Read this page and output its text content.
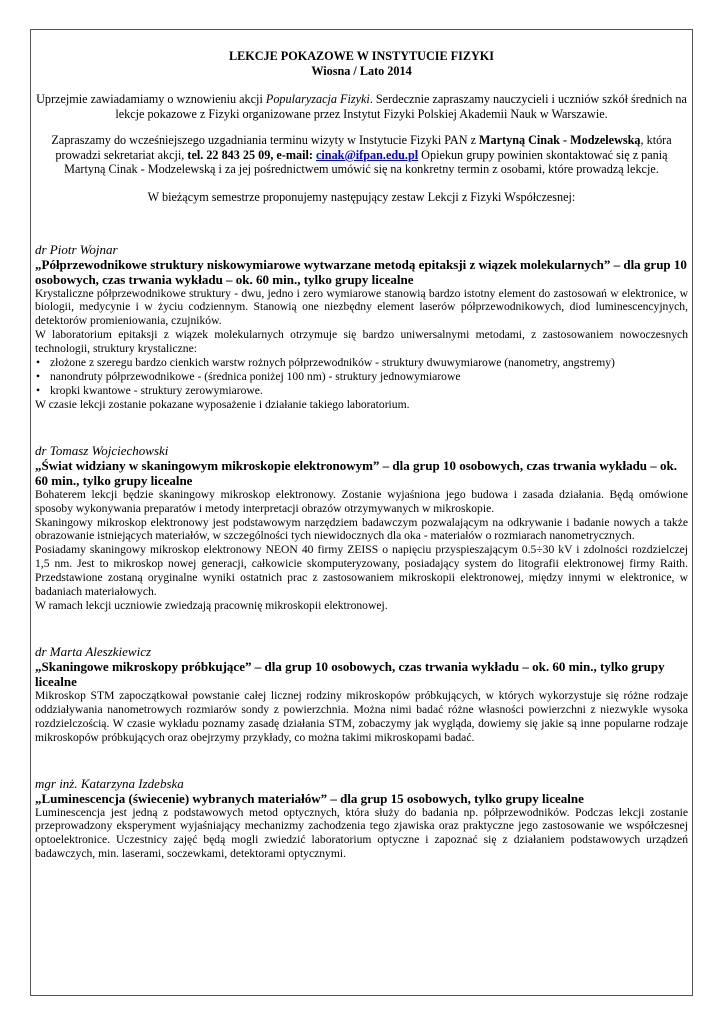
LEKCJE POKAZOWE W INSTYTUCIE FIZYKI
Wiosna / Lato 2014
Uprzejmie zawiadamiamy o wznowieniu akcji Popularyzacja Fizyki. Serdecznie zapraszamy nauczycieli i uczniów szkół średnich na lekcje pokazowe z Fizyki organizowane przez Instytut Fizyki Polskiej Akademii Nauk w Warszawie.
Zapraszamy do wcześniejszego uzgadniania terminu wizyty w Instytucie Fizyki PAN z Martyną Cinak - Modzelewską, która prowadzi sekretariat akcji, tel. 22 843 25 09, e-mail: cinak@ifpan.edu.pl Opiekun grupy powinien skontaktować się z panią Martyną Cinak - Modzelewską i za jej pośrednictwem umówić się na konkretny termin z osobami, które prowadzą lekcje.
W bieżącym semestrze proponujemy następujący zestaw Lekcji z Fizyki Współczesnej:
dr Piotr Wojnar
„Półprzewodnikowe struktury niskowymiarowe wytwarzane metodą epitaksji z wiązek molekularnych” – dla grup 10 osobowych, czas trwania wykładu – ok. 60 min., tylko grupy licealne
Krystaliczne półprzewodnikowe struktury - dwu, jedno i zero wymiarowe stanowią bardzo istotny element do zastosowań w elektronice, w biologii, medycynie i w życiu codziennym. Stanowią one niezbędny element laserów półprzewodnikowych, diod luminescencyjnych, detektorów promieniowania, czujników.
W laboratorium epitaksji z wiązek molekularnych otrzymuje się bardzo uniwersalnymi metodami, z zastosowaniem nowoczesnych technologii, struktury krystaliczne:
• złożone z szeregu bardzo cienkich warstw rożnych półprzewodników - struktury dwuwymiarowe (nanometry, angstremy)
• nanondruty półprzewodnikowe - (średnica poniżej 100 nm) - struktury jednowymiarowe
• kropki kwantowe - struktury zerowymiarowe.
W czasie lekcji zostanie pokazane wyposażenie i działanie takiego laboratorium.
dr Tomasz Wojciechowski
„Świat widziany w skaningowym mikroskopie elektronowym” – dla grup 10 osobowych, czas trwania wykładu – ok. 60 min., tylko grupy licealne
Bohaterem lekcji będzie skaningowy mikroskop elektronowy. Zostanie wyjaśniona jego budowa i zasada działania. Będą omówione sposoby wykonywania preparatów i metody interpretacji obrazów otrzymywanych w mikroskopie.
Skaningowy mikroskop elektronowy jest podstawowym narzędziem badawczym pozwalającym na odkrywanie i badanie nowych a także obrazowanie istniejących materiałów, w szczególności tych niewidocznych dla oka - materiałów o rozmiarach nanometrycznych.
Posiadamy skaningowy mikroskop elektronowy NEON 40 firmy ZEISS o napięciu przyspieszającym 0.5÷30 kV i zdolności rozdzielczej 1,5 nm. Jest to mikroskop nowej generacji, całkowicie skomputeryzowany, posiadający system do litografii elektronowej firmy Raith. Przedstawione zostaną oryginalne wyniki ostatnich prac z zastosowaniem mikroskopii elektronowej, między innymi w elektronice, w badaniach materiałowych.
W ramach lekcji uczniowie zwiedzają pracownię mikroskopii elektronowej.
dr Marta Aleszkiewicz
„Skaningowe mikroskopy próbkujące” – dla grup 10 osobowych, czas trwania wykładu – ok. 60 min., tylko grupy licealne
Mikroskop STM zapoczątkował powstanie całej licznej rodziny mikroskopów próbkujących, w których wykorzystuje się różne rodzaje oddziaływania nanometrowych rozmiarów sondy z powierzchnia. Można nimi badać różne własności powierzchni z niezwykle wysoka rozdzielczością. W czasie wykładu poznamy zasadę działania STM, zobaczymy jak wygląda, dowiemy się jakie są inne popularne rodzaje mikroskopów próbkujących oraz obejrzymy przykłady, co można takimi mikroskopami badać.
mgr inż. Katarzyna Izdebska
„Luminescencja (świecenie) wybranych materiałów” – dla grup 15 osobowych, tylko grupy licealne
Luminescencja jest jedną z podstawowych metod optycznych, która służy do badania np. półprzewodników. Podczas lekcji zostanie przeprowadzony eksperyment wyjaśniający mechanizmy zachodzenia tego zjawiska oraz praktyczne jego zastosowanie we współczesnej optoelektronice. Uczestnicy zajęć będą mogli zwiedzić laboratorium optyczne i zapoznać się z działaniem podstawowych urządzeń badawczych, min. laserami, soczewkami, detektorami optycznymi.
